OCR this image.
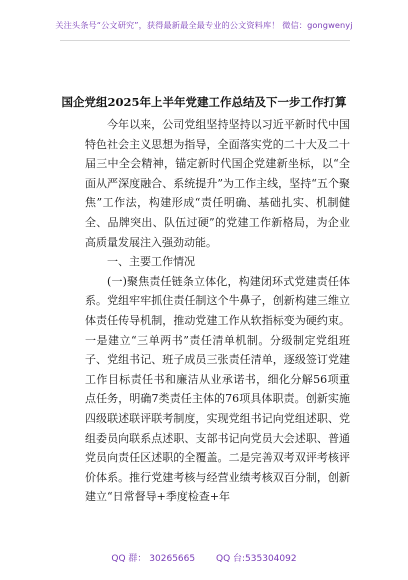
关注头条号“公文研究”，获得最新最全最专业的公文资料库！ 微信：gongwenyj
国企党组2025年上半年党建工作总结及下一步工作打算

今年以来，公司党组坚持坚持以习近平新时代中国特色社会主义思想为指导，全面落实党的二十大及二十届三中全会精神，锚定新时代国企党建新坐标，以“全面从严深度融合、系统提升”为工作主线，坚持“五个聚焦”工作法，构建形成“责任明确、基础扎实、机制健全、品牌突出、队伍过硬”的党建工作新格局，为企业高质量发展注入强劲动能。

一、主要工作情况

(一)聚焦责任链条立体化，构建闭环式党建责任体系。党组牢牢抓住责任制这个牛鼻子，创新构建三维立体责任传导机制，推动党建工作从软指标变为硬约束。一是建立“三单两书”责任清单机制。分级制定党组班子、党组书记、班子成员三张责任清单，逐级签订党建工作目标责任书和廉洁从业承诺书，细化分解56项重点任务，明确7类责任主体的76项具体职责。创新实施四级联述联评联考制度，实现党组书记向党组述职、党组委员向联系点述职、支部书记向党员大会述职、普通党员向责任区述职的全覆盖。二是完善双考双评考核评价体系。推行党建考核与经营业绩考核双百分制，创新建立“日常督导+季度检查+年

QQ 群： 30265665 QQ 台:535304092
